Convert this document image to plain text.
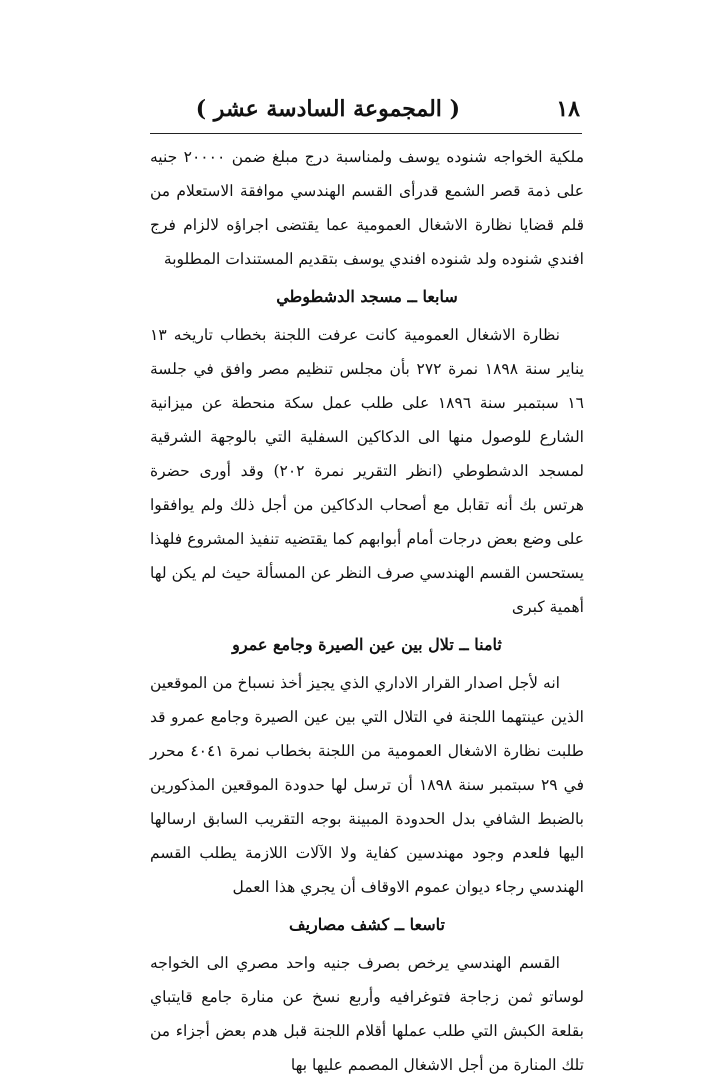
١٨
( المجموعة السادسة عشر )

ملكية الخواجه شنوده يوسف ولمناسبة درج مبلغ ضمن ٢٠٠٠٠ جنيه على ذمة قصر الشمع قدرأى القسم الهندسي موافقة الاستعلام من قلم قضايا نظارة الاشغال العمومية عما يقتضى اجراؤه لالزام فرج افندي شنوده ولد شنوده افندي يوسف بتقديم المستندات المطلوبة

سابعا ــ مسجد الدشطوطي

نظارة الاشغال العمومية كانت عرفت اللجنة بخطاب تاريخه ١٣ يناير سنة ١٨٩٨ نمرة ٢٧٢ بأن مجلس تنظيم مصر وافق في جلسة ١٦ سبتمبر سنة ١٨٩٦ على طلب عمل سكة منحطة عن ميزانية الشارع للوصول منها الى الدكاكين السفلية التي بالوجهة الشرقية لمسجد الدشطوطي (انظر التقرير نمرة ٢٠٢) وقد أورى حضرة هرتس بك أنه تقابل مع أصحاب الدكاكين من أجل ذلك ولم يوافقوا على وضع بعض درجات أمام أبوابهم كما يقتضيه تنفيذ المشروع فلهذا يستحسن القسم الهندسي صرف النظر عن المسألة حيث لم يكن لها أهمية كبرى

ثامنا ــ تلال بين عين الصيرة وجامع عمرو

انه لأجل اصدار القرار الاداري الذي يجيز أخذ نسباخ من الموقعين الذين عينتهما اللجنة في التلال التي بين عين الصيرة وجامع عمرو قد طلبت نظارة الاشغال العمومية من اللجنة بخطاب نمرة ٤٠٤١ محرر في ٢٩ سبتمبر سنة ١٨٩٨ أن ترسل لها حدودة الموقعين المذكورين بالضبط الشافي بدل الحدودة المبينة بوجه التقريب السابق ارسالها اليها فلعدم وجود مهندسين كفاية ولا الآلات اللازمة يطلب القسم الهندسي رجاء ديوان عموم الاوقاف أن يجري هذا العمل

تاسعا ــ كشف مصاريف

القسم الهندسي يرخص بصرف جنيه واحد مصري الى الخواجه لوساتو ثمن زجاجة فتوغرافيه وأربع نسخ عن منارة جامع قايتباي بقلعة الكبش التي طلب عملها أقلام اللجنة قبل هدم بعض أجزاء من تلك المنارة من أجل الاشغال المصمم عليها بها
